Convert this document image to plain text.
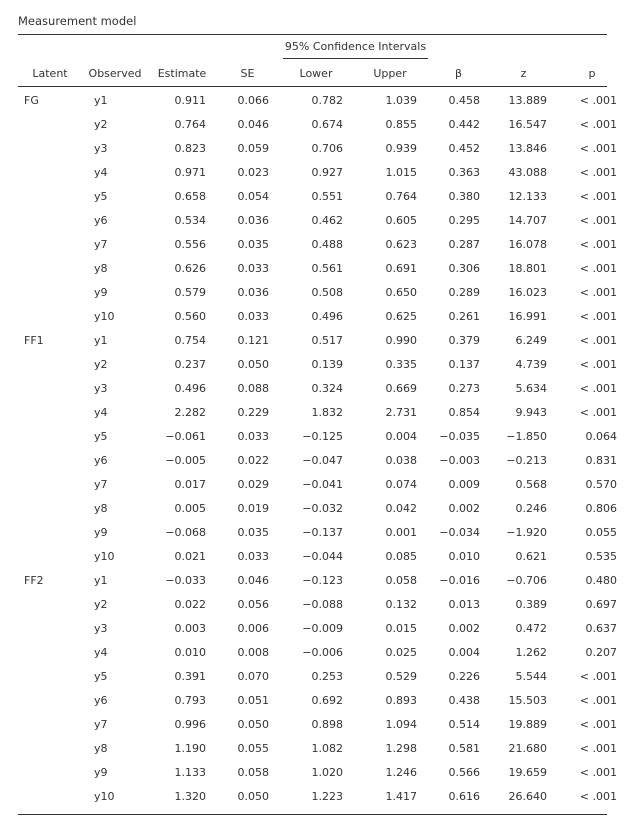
Measurement model
95% Confidence Intervals
Latent	Observed	Estimate	SE	Lower	Upper	β	z	p
FG	y1	0.911	0.066	0.782	1.039	0.458	13.889	< .001
	y2	0.764	0.046	0.674	0.855	0.442	16.547	< .001
	y3	0.823	0.059	0.706	0.939	0.452	13.846	< .001
	y4	0.971	0.023	0.927	1.015	0.363	43.088	< .001
	y5	0.658	0.054	0.551	0.764	0.380	12.133	< .001
	y6	0.534	0.036	0.462	0.605	0.295	14.707	< .001
	y7	0.556	0.035	0.488	0.623	0.287	16.078	< .001
	y8	0.626	0.033	0.561	0.691	0.306	18.801	< .001
	y9	0.579	0.036	0.508	0.650	0.289	16.023	< .001
	y10	0.560	0.033	0.496	0.625	0.261	16.991	< .001
FF1	y1	0.754	0.121	0.517	0.990	0.379	6.249	< .001
	y2	0.237	0.050	0.139	0.335	0.137	4.739	< .001
	y3	0.496	0.088	0.324	0.669	0.273	5.634	< .001
	y4	2.282	0.229	1.832	2.731	0.854	9.943	< .001
	y5	−0.061	0.033	−0.125	0.004	−0.035	−1.850	0.064
	y6	−0.005	0.022	−0.047	0.038	−0.003	−0.213	0.831
	y7	0.017	0.029	−0.041	0.074	0.009	0.568	0.570
	y8	0.005	0.019	−0.032	0.042	0.002	0.246	0.806
	y9	−0.068	0.035	−0.137	0.001	−0.034	−1.920	0.055
	y10	0.021	0.033	−0.044	0.085	0.010	0.621	0.535
FF2	y1	−0.033	0.046	−0.123	0.058	−0.016	−0.706	0.480
	y2	0.022	0.056	−0.088	0.132	0.013	0.389	0.697
	y3	0.003	0.006	−0.009	0.015	0.002	0.472	0.637
	y4	0.010	0.008	−0.006	0.025	0.004	1.262	0.207
	y5	0.391	0.070	0.253	0.529	0.226	5.544	< .001
	y6	0.793	0.051	0.692	0.893	0.438	15.503	< .001
	y7	0.996	0.050	0.898	1.094	0.514	19.889	< .001
	y8	1.190	0.055	1.082	1.298	0.581	21.680	< .001
	y9	1.133	0.058	1.020	1.246	0.566	19.659	< .001
	y10	1.320	0.050	1.223	1.417	0.616	26.640	< .001
